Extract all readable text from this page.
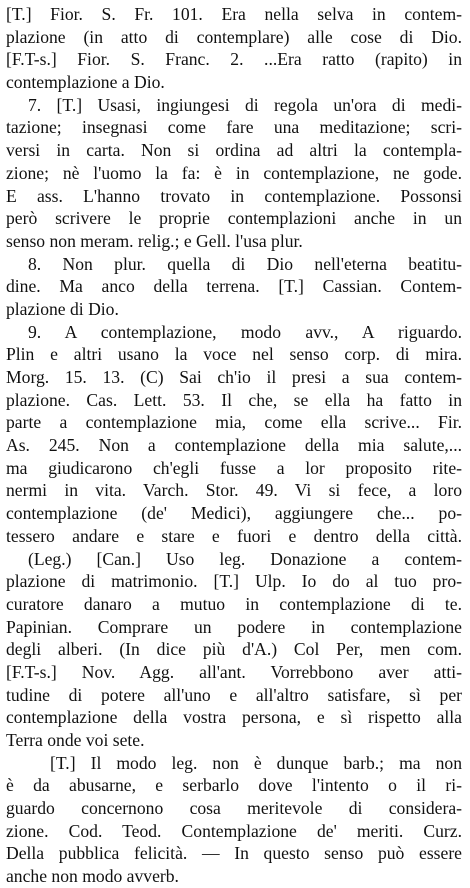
[T.] Fior. S. Fr. 101. Era nella selva in contem-
plazione (in atto di contemplare) alle cose di Dio.
[F.T-s.] Fior. S. Franc. 2. ...Era ratto (rapito) in
contemplazione a Dio.
7. [T.] Usasi, ingiungesi di regola un'ora di medi-
tazione; insegnasi come fare una meditazione; scri-
versi in carta. Non si ordina ad altri la contempla-
zione; nè l'uomo la fa: è in contemplazione, ne gode.
E ass. L'hanno trovato in contemplazione. Possonsi
però scrivere le proprie contemplazioni anche in un
senso non meram. relig.; e Gell. l'usa plur.
8. Non plur. quella di Dio nell'eterna beatitu-
dine. Ma anco della terrena. [T.] Cassian. Contem-
plazione di Dio.
9. A contemplazione, modo avv., A riguardo.
Plin e altri usano la voce nel senso corp. di mira.
Morg. 15. 13. (C) Sai ch'io il presi a sua contem-
plazione. Cas. Lett. 53. Il che, se ella ha fatto in
parte a contemplazione mia, come ella scrive... Fir.
As. 245. Non a contemplazione della mia salute,...
ma giudicarono ch'egli fusse a lor proposito rite-
nermi in vita. Varch. Stor. 49. Vi si fece, a loro
contemplazione (de' Medici), aggiungere che... po-
tessero andare e stare e fuori e dentro della città.
(Leg.) [Can.] Uso leg. Donazione a contem-
plazione di matrimonio. [T.] Ulp. Io do al tuo pro-
curatore danaro a mutuo in contemplazione di te.
Papinian. Comprare un podere in contemplazione
degli alberi. (In dice più d'A.) Col Per, men com.
[F.T-s.] Nov. Agg. all'ant. Vorrebbono aver atti-
tudine di potere all'uno e all'altro satisfare, sì per
contemplazione della vostra persona, e sì rispetto alla
Terra onde voi sete.
[T.] Il modo leg. non è dunque barb.; ma non
è da abusarne, e serbarlo dove l'intento o il ri-
guardo concernono cosa meritevole di considera-
zione. Cod. Teod. Contemplazione de' meriti. Curz.
Della pubblica felicità. — In questo senso può essere
anche non modo avverb.
